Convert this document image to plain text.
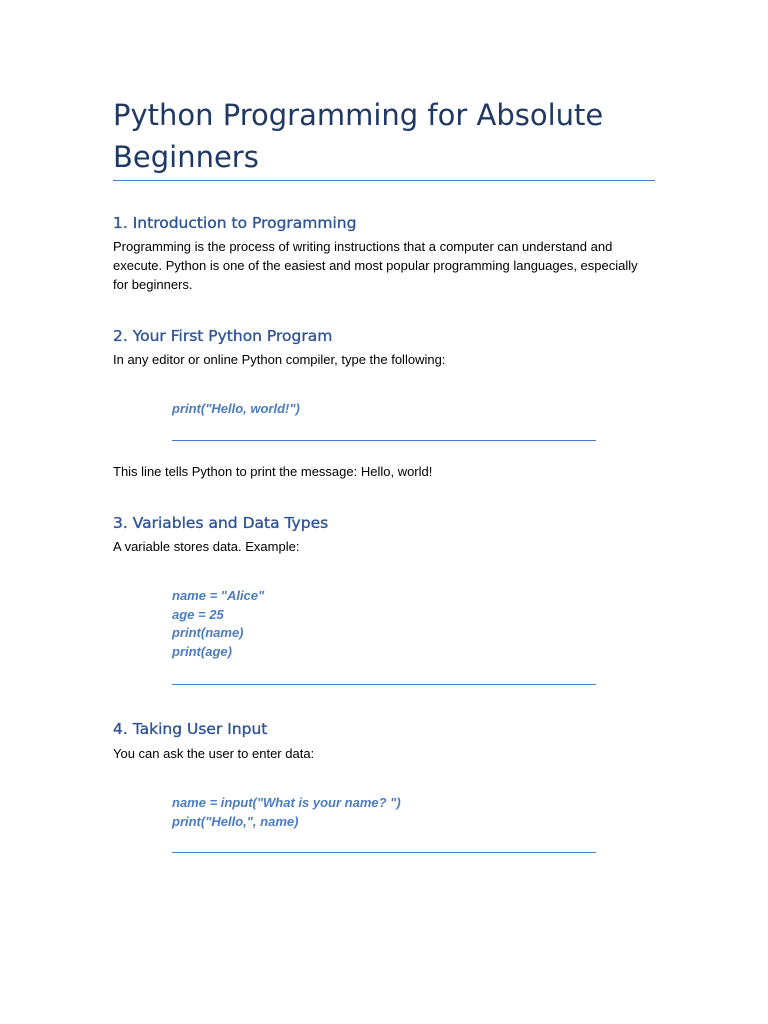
Python Programming for Absolute Beginners
1. Introduction to Programming

Programming is the process of writing instructions that a computer can understand and execute. Python is one of the easiest and most popular programming languages, especially for beginners.

2. Your First Python Program

In any editor or online Python compiler, type the following:

print("Hello, world!")

This line tells Python to print the message: Hello, world!

3. Variables and Data Types

A variable stores data. Example:

name = "Alice"
age = 25
print(name)
print(age)
4. Taking User Input

You can ask the user to enter data:

name = input("What is your name? ")
print("Hello,", name)
